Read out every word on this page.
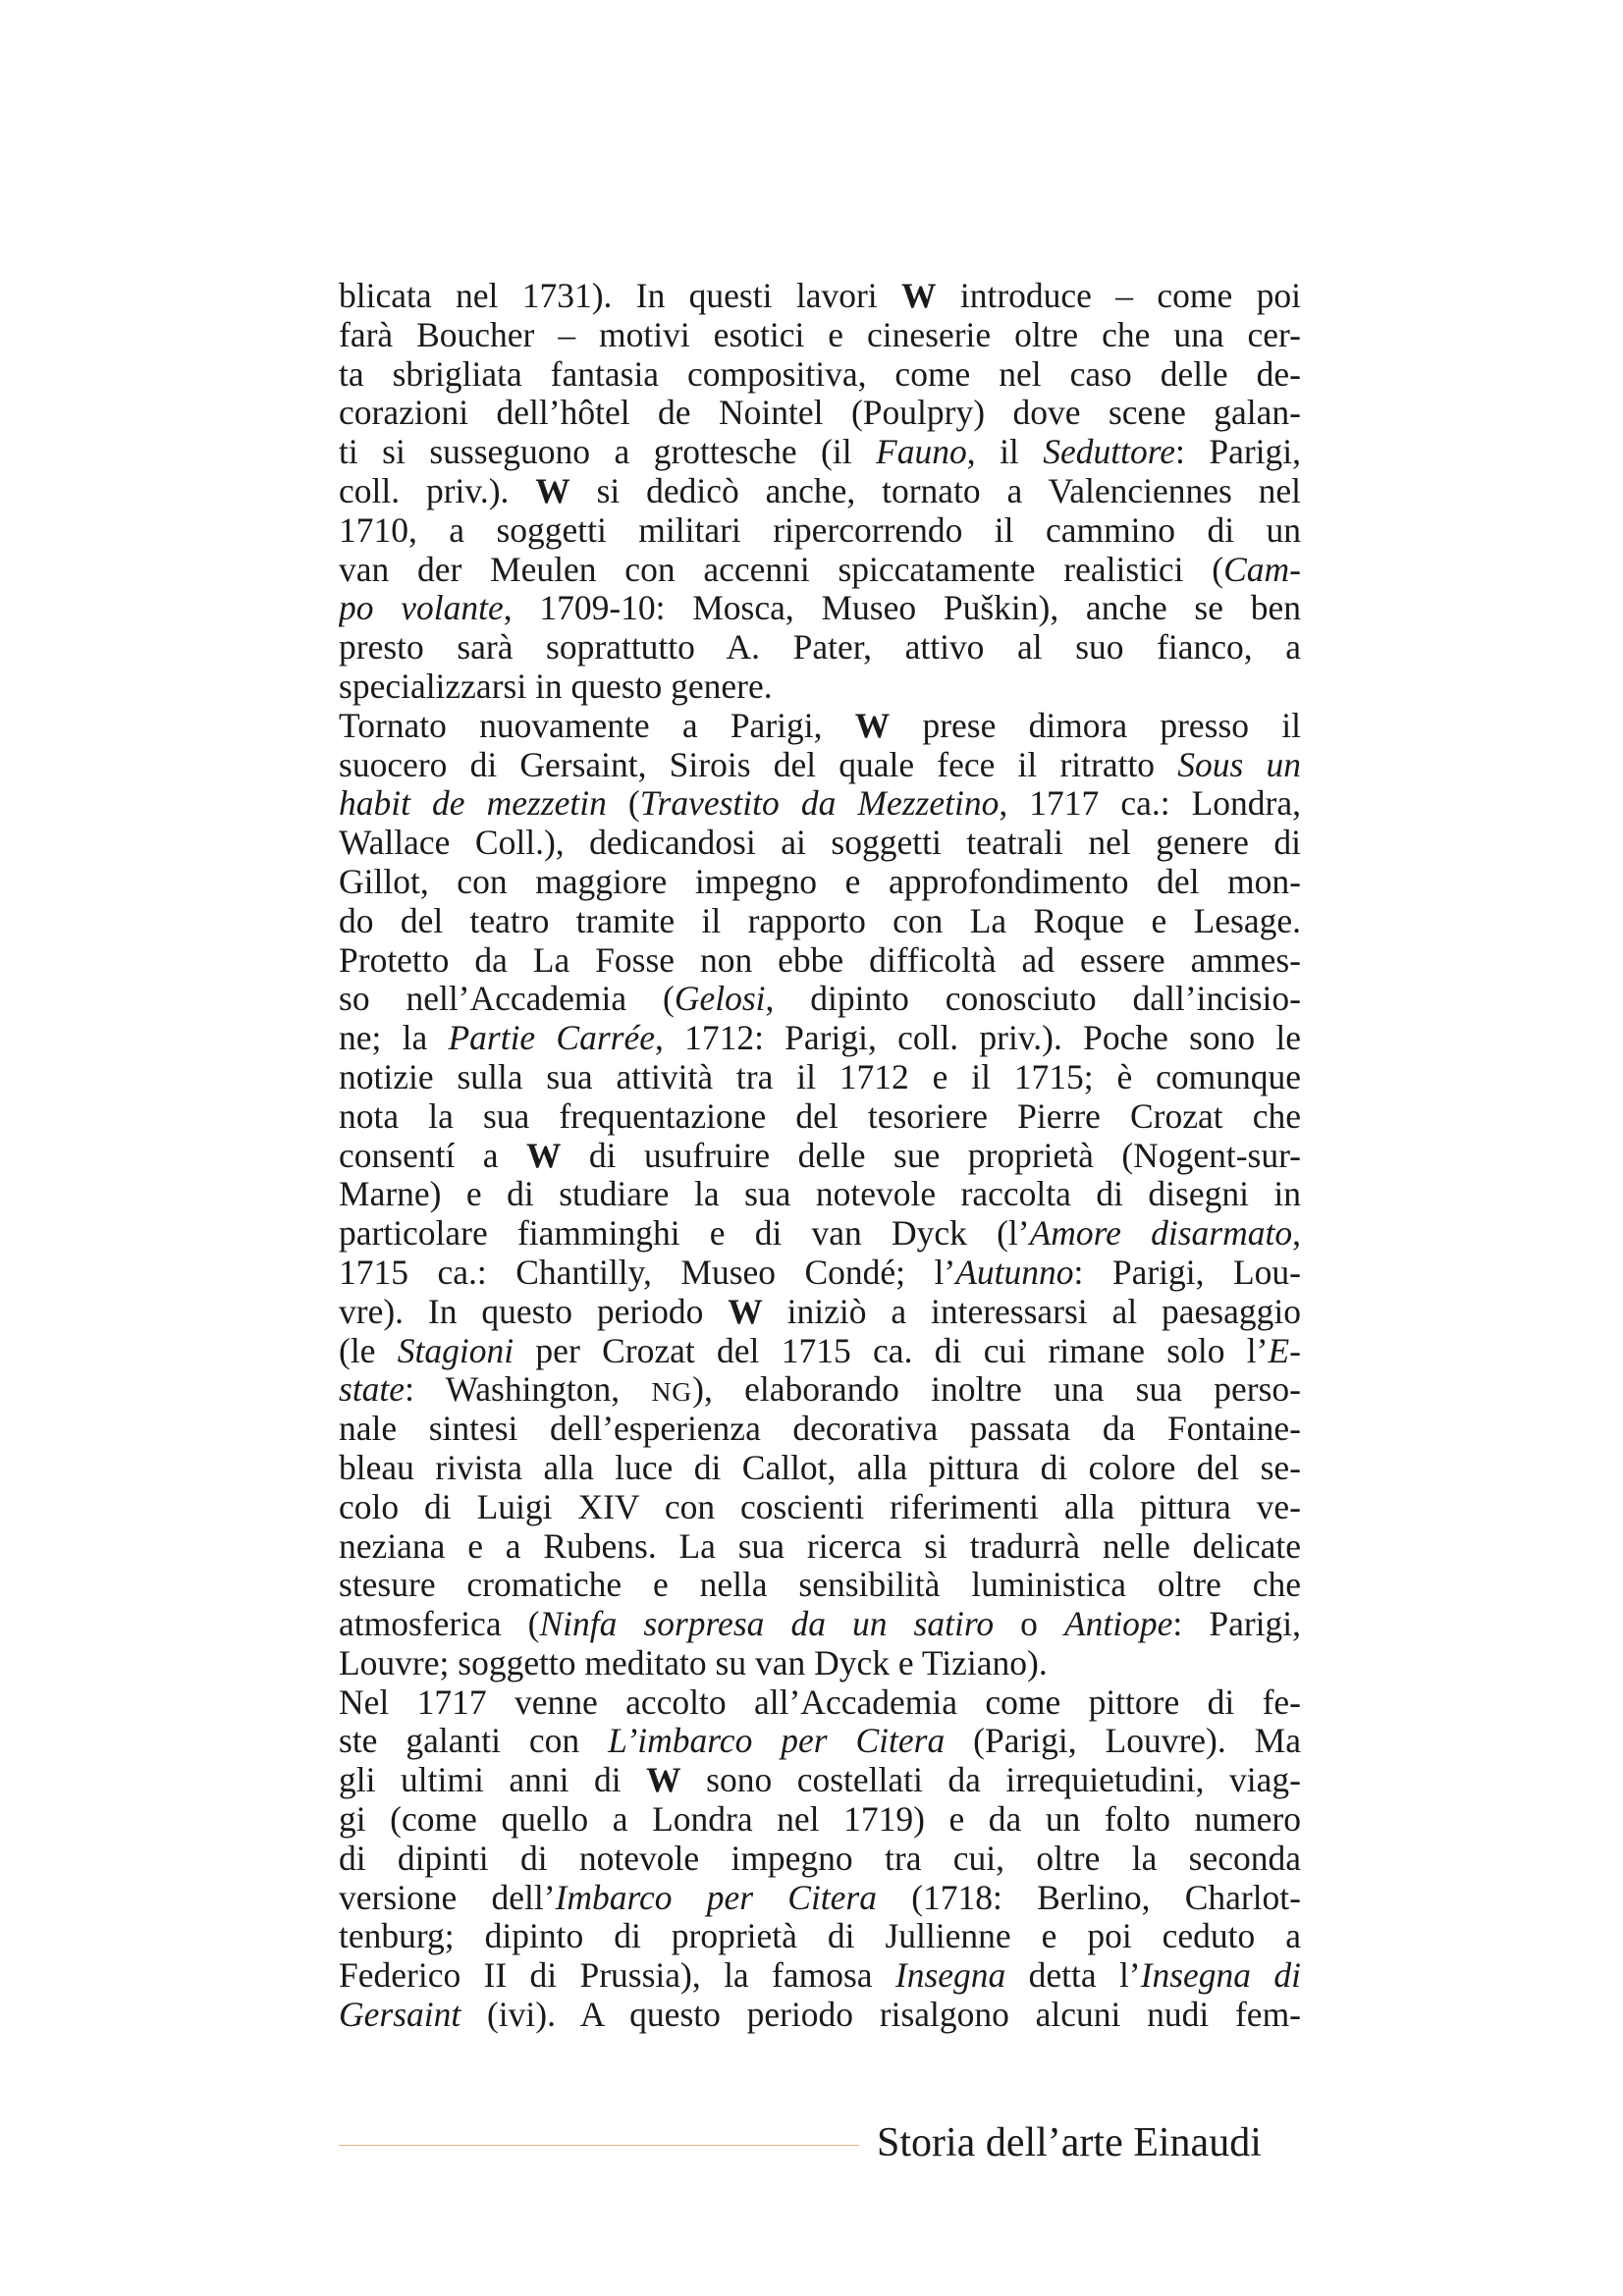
blicata nel 1731). In questi lavori W introduce – come poi
farà Boucher – motivi esotici e cineserie oltre che una cer-
ta sbrigliata fantasia compositiva, come nel caso delle de-
corazioni dell’hôtel de Nointel (Poulpry) dove scene galan-
ti si susseguono a grottesche (il Fauno, il Seduttore: Parigi,
coll. priv.). W si dedicò anche, tornato a Valenciennes nel
1710, a soggetti militari ripercorrendo il cammino di un
van der Meulen con accenni spiccatamente realistici (Cam-
po volante, 1709-10: Mosca, Museo Puškin), anche se ben
presto sarà soprattutto A. Pater, attivo al suo fianco, a
specializzarsi in questo genere.
Tornato nuovamente a Parigi, W prese dimora presso il
suocero di Gersaint, Sirois del quale fece il ritratto Sous un
habit de mezzetin (Travestito da Mezzetino, 1717 ca.: Londra,
Wallace Coll.), dedicandosi ai soggetti teatrali nel genere di
Gillot, con maggiore impegno e approfondimento del mon-
do del teatro tramite il rapporto con La Roque e Lesage.
Protetto da La Fosse non ebbe difficoltà ad essere ammes-
so nell’Accademia (Gelosi, dipinto conosciuto dall’incisio-
ne; la Partie Carrée, 1712: Parigi, coll. priv.). Poche sono le
notizie sulla sua attività tra il 1712 e il 1715; è comunque
nota la sua frequentazione del tesoriere Pierre Crozat che
consentí a W di usufruire delle sue proprietà (Nogent-sur-
Marne) e di studiare la sua notevole raccolta di disegni in
particolare fiamminghi e di van Dyck (l’Amore disarmato,
1715 ca.: Chantilly, Museo Condé; l’Autunno: Parigi, Lou-
vre). In questo periodo W iniziò a interessarsi al paesaggio
(le Stagioni per Crozat del 1715 ca. di cui rimane solo l’E-
state: Washington, NG), elaborando inoltre una sua perso-
nale sintesi dell’esperienza decorativa passata da Fontaine-
bleau rivista alla luce di Callot, alla pittura di colore del se-
colo di Luigi XIV con coscienti riferimenti alla pittura ve-
neziana e a Rubens. La sua ricerca si tradurrà nelle delicate
stesure cromatiche e nella sensibilità luministica oltre che
atmosferica (Ninfa sorpresa da un satiro o Antiope: Parigi,
Louvre; soggetto meditato su van Dyck e Tiziano).
Nel 1717 venne accolto all’Accademia come pittore di fe-
ste galanti con L’imbarco per Citera (Parigi, Louvre). Ma
gli ultimi anni di W sono costellati da irrequietudini, viag-
gi (come quello a Londra nel 1719) e da un folto numero
di dipinti di notevole impegno tra cui, oltre la seconda
versione dell’Imbarco per Citera (1718: Berlino, Charlot-
tenburg; dipinto di proprietà di Jullienne e poi ceduto a
Federico II di Prussia), la famosa Insegna detta l’Insegna di
Gersaint (ivi). A questo periodo risalgono alcuni nudi fem-
Storia dell’arte Einaudi
